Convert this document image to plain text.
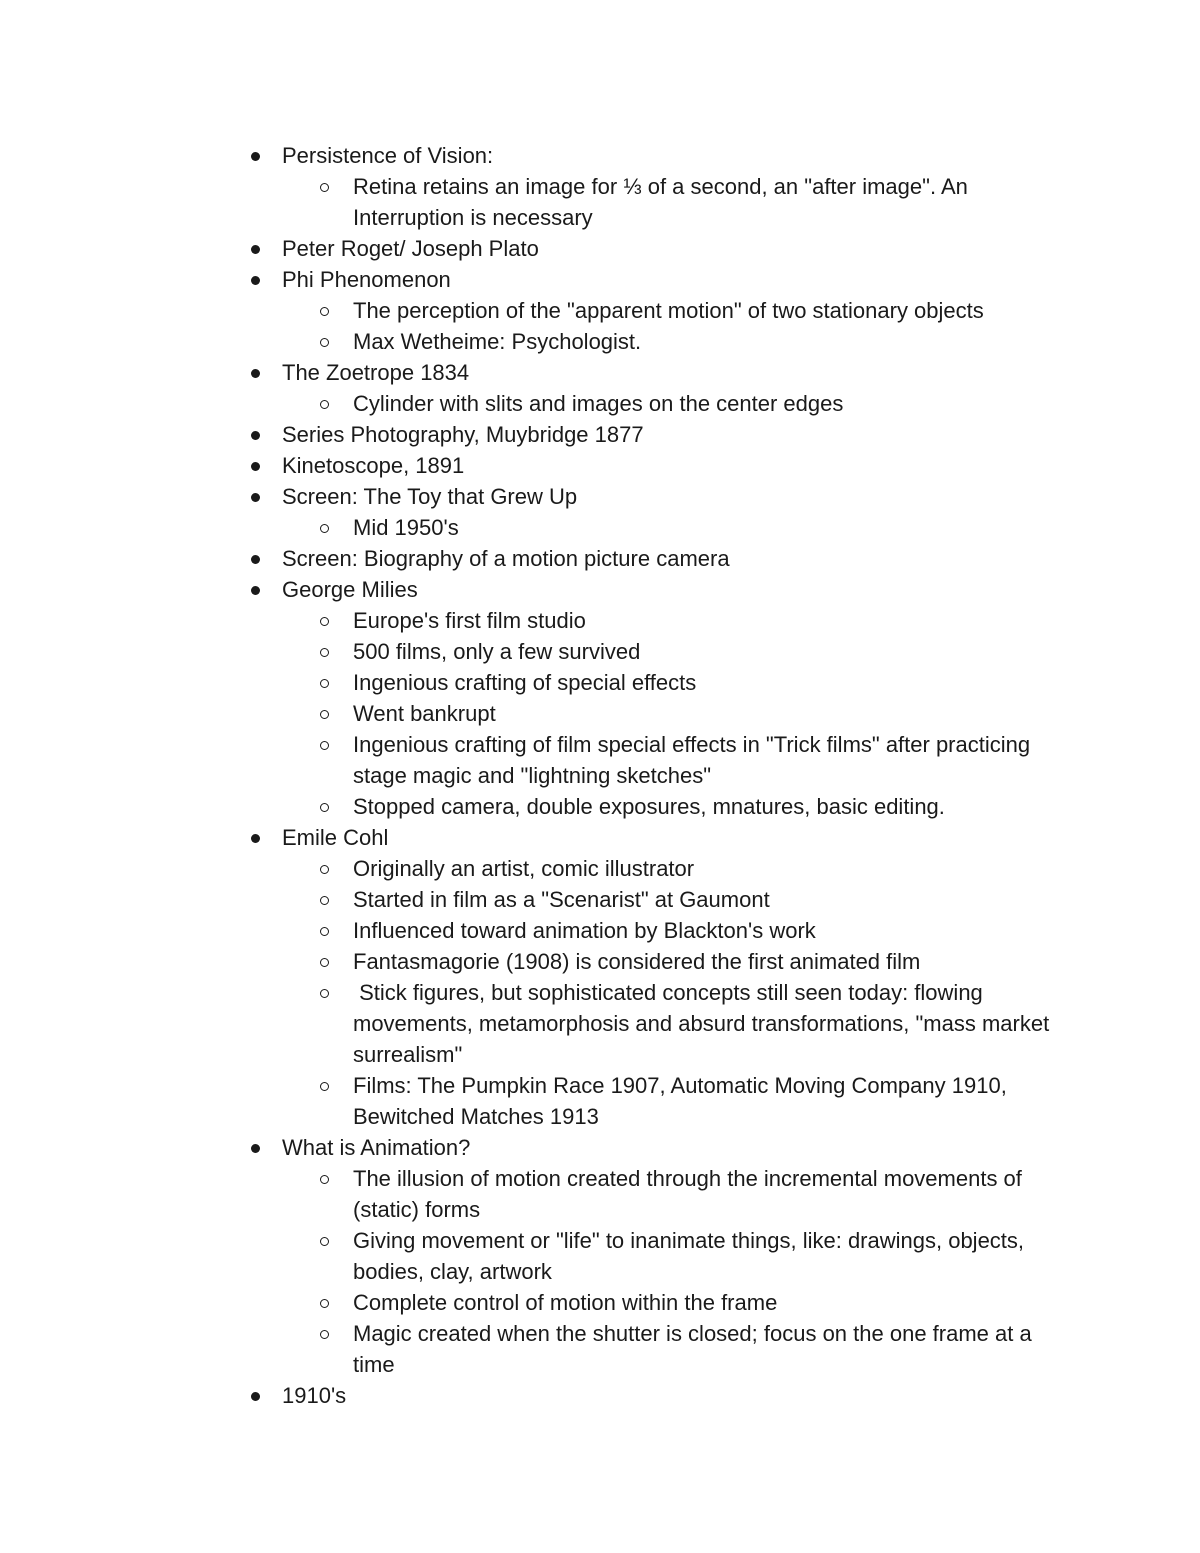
Persistence of Vision:
Retina retains an image for ⅓ of a second, an "after image". An Interruption is necessary
Peter Roget/ Joseph Plato
Phi Phenomenon
The perception of the "apparent motion" of two stationary objects
Max Wetheime: Psychologist.
The Zoetrope 1834
Cylinder with slits and images on the center edges
Series Photography, Muybridge 1877
Kinetoscope, 1891
Screen: The Toy that Grew Up
Mid 1950's
Screen: Biography of a motion picture camera
George Milies
Europe's first film studio
500 films, only a few survived
Ingenious crafting of special effects
Went bankrupt
Ingenious crafting of film special effects in "Trick films" after practicing stage magic and "lightning sketches"
Stopped camera, double exposures, mnatures, basic editing.
Emile Cohl
Originally an artist, comic illustrator
Started in film as a "Scenarist" at Gaumont
Influenced toward animation by Blackton's work
Fantasmagorie (1908) is considered the first animated film
Stick figures, but sophisticated concepts still seen today: flowing movements, metamorphosis and absurd transformations, "mass market surrealism"
Films: The Pumpkin Race 1907, Automatic Moving Company 1910, Bewitched Matches 1913
What is Animation?
The illusion of motion created through the incremental movements of (static) forms
Giving movement or "life" to inanimate things, like: drawings, objects, bodies, clay, artwork
Complete control of motion within the frame
Magic created when the shutter is closed; focus on the one frame at a time
1910's
